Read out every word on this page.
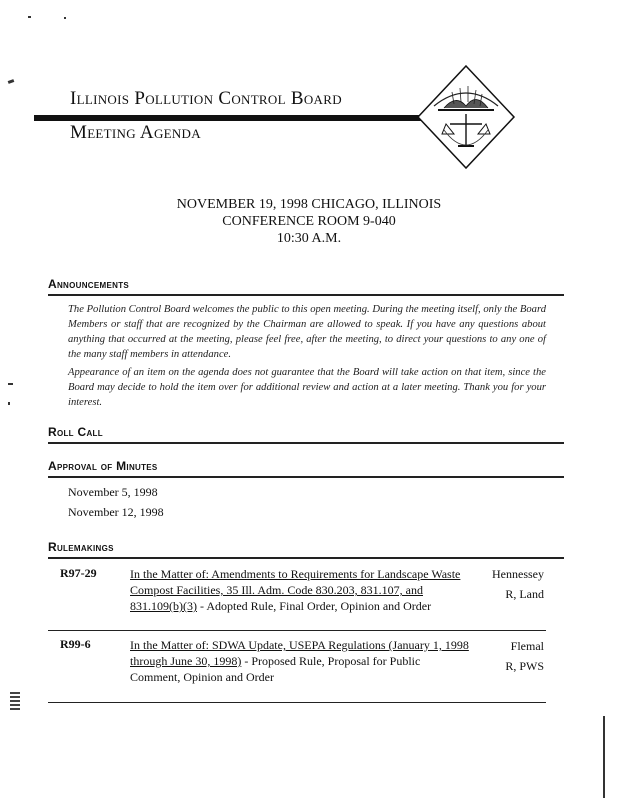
Illinois Pollution Control Board
Meeting Agenda
NOVEMBER 19, 1998 CHICAGO, ILLINOIS
CONFERENCE ROOM 9-040
10:30 A.M.
Announcements
The Pollution Control Board welcomes the public to this open meeting. During the meeting itself, only the Board Members or staff that are recognized by the Chairman are allowed to speak. If you have any questions about anything that occurred at the meeting, please feel free, after the meeting, to direct your questions to any one of the many staff members in attendance.
Appearance of an item on the agenda does not guarantee that the Board will take action on that item, since the Board may decide to hold the item over for additional review and action at a later meeting. Thank you for your interest.
Roll Call
Approval of Minutes
November 5, 1998
November 12, 1998
Rulemakings
R97-29	In the Matter of: Amendments to Requirements for Landscape Waste Compost Facilities, 35 Ill. Adm. Code 830.203, 831.107, and 831.109(b)(3) - Adopted Rule, Final Order, Opinion and Order
Hennessey
R, Land
R99-6	In the Matter of: SDWA Update, USEPA Regulations (January 1, 1998 through June 30, 1998) - Proposed Rule, Proposal for Public Comment, Opinion and Order
Flemal
R, PWS
